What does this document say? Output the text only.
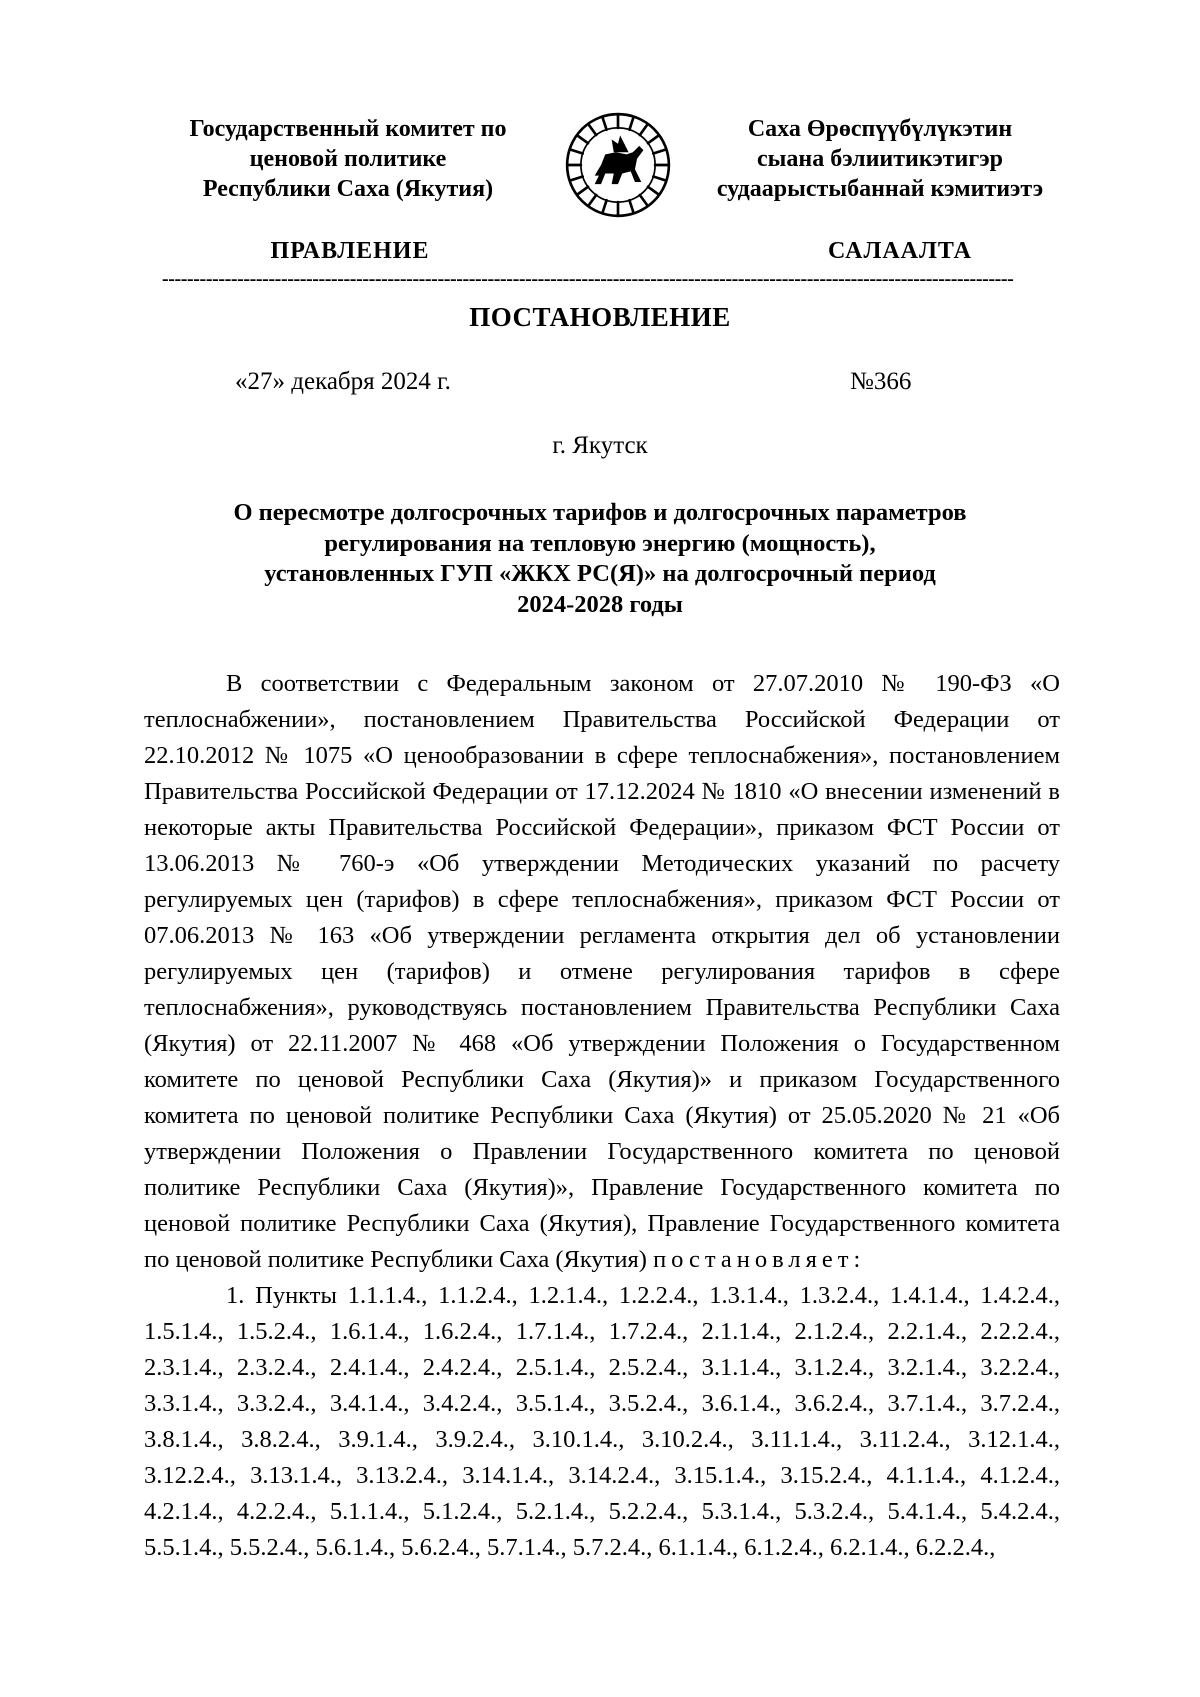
Государственный комитет по
ценовой политике
Республики Саха (Якутия)
Саха Өрөспүүбүлүкэтин
сыана бэлиитикэтигэр
судаарыстыбаннай кэмитиэтэ
ПРАВЛЕНИЕ	САЛААЛТА
----------------------------------------------------------------------------------------------------------------------------------------
ПОСТАНОВЛЕНИЕ
«27» декабря 2024 г.	№366
г. Якутск
О пересмотре долгосрочных тарифов и долгосрочных параметров
регулирования на тепловую энергию (мощность),
установленных ГУП «ЖКХ РС(Я)» на долгосрочный период
2024-2028 годы

В соответствии с Федеральным законом от 27.07.2010 № 190-ФЗ «О теплоснабжении», постановлением Правительства Российской Федерации от 22.10.2012 № 1075 «О ценообразовании в сфере теплоснабжения», постановлением Правительства Российской Федерации от 17.12.2024 № 1810 «О внесении изменений в некоторые акты Правительства Российской Федерации», приказом ФСТ России от 13.06.2013 № 760-э «Об утверждении Методических указаний по расчету регулируемых цен (тарифов) в сфере теплоснабжения», приказом ФСТ России от 07.06.2013 № 163 «Об утверждении регламента открытия дел об установлении регулируемых цен (тарифов) и отмене регулирования тарифов в сфере теплоснабжения», руководствуясь постановлением Правительства Республики Саха (Якутия) от 22.11.2007 № 468 «Об утверждении Положения о Государственном комитете по ценовой Республики Саха (Якутия)» и приказом Государственного комитета по ценовой политике Республики Саха (Якутия) от 25.05.2020 № 21 «Об утверждении Положения о Правлении Государственного комитета по ценовой политике Республики Саха (Якутия)», Правление Государственного комитета по ценовой политике Республики Саха (Якутия), Правление Государственного комитета по ценовой политике Республики Саха (Якутия) постановляет:

1. Пункты 1.1.1.4., 1.1.2.4., 1.2.1.4., 1.2.2.4., 1.3.1.4., 1.3.2.4., 1.4.1.4., 1.4.2.4., 1.5.1.4., 1.5.2.4., 1.6.1.4., 1.6.2.4., 1.7.1.4., 1.7.2.4., 2.1.1.4., 2.1.2.4., 2.2.1.4., 2.2.2.4., 2.3.1.4., 2.3.2.4., 2.4.1.4., 2.4.2.4., 2.5.1.4., 2.5.2.4., 3.1.1.4., 3.1.2.4., 3.2.1.4., 3.2.2.4., 3.3.1.4., 3.3.2.4., 3.4.1.4., 3.4.2.4., 3.5.1.4., 3.5.2.4., 3.6.1.4., 3.6.2.4., 3.7.1.4., 3.7.2.4., 3.8.1.4., 3.8.2.4., 3.9.1.4., 3.9.2.4., 3.10.1.4., 3.10.2.4., 3.11.1.4., 3.11.2.4., 3.12.1.4., 3.12.2.4., 3.13.1.4., 3.13.2.4., 3.14.1.4., 3.14.2.4., 3.15.1.4., 3.15.2.4., 4.1.1.4., 4.1.2.4., 4.2.1.4., 4.2.2.4., 5.1.1.4., 5.1.2.4., 5.2.1.4., 5.2.2.4., 5.3.1.4., 5.3.2.4., 5.4.1.4., 5.4.2.4., 5.5.1.4., 5.5.2.4., 5.6.1.4., 5.6.2.4., 5.7.1.4., 5.7.2.4., 6.1.1.4., 6.1.2.4., 6.2.1.4., 6.2.2.4.,
